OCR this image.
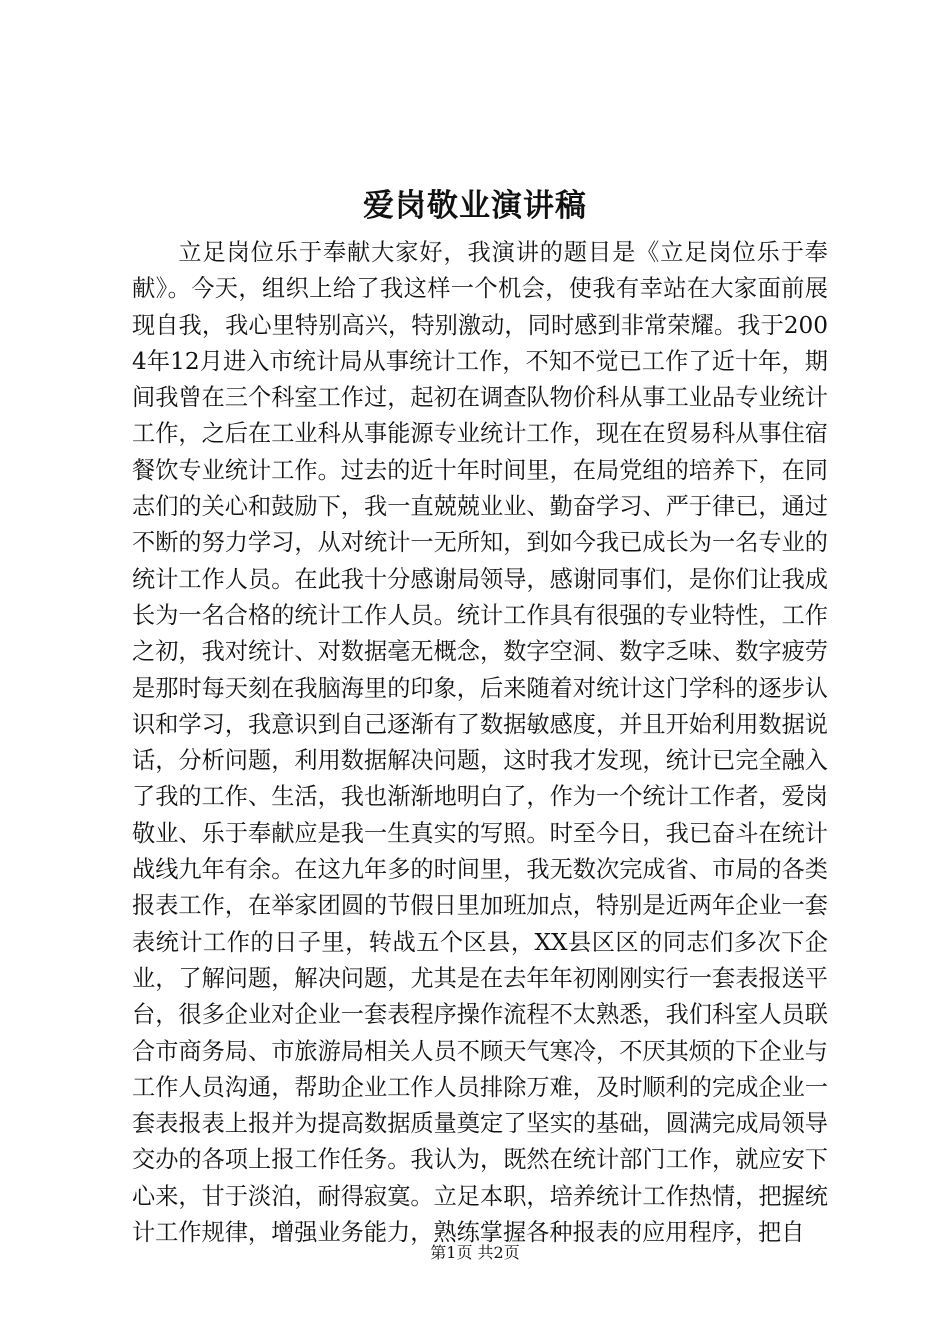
爱岗敬业演讲稿

立足岗位乐于奉献大家好，我演讲的题目是《立足岗位乐于奉献》。今天，组织上给了我这样一个机会，使我有幸站在大家面前展现自我，我心里特别高兴，特别激动，同时感到非常荣耀。我于2004年12月进入市统计局从事统计工作，不知不觉已工作了近十年，期间我曾在三个科室工作过，起初在调查队物价科从事工业品专业统计工作，之后在工业科从事能源专业统计工作，现在在贸易科从事住宿餐饮专业统计工作。过去的近十年时间里，在局党组的培养下，在同志们的关心和鼓励下，我一直兢兢业业、勤奋学习、严于律已，通过不断的努力学习，从对统计一无所知，到如今我已成长为一名专业的统计工作人员。在此我十分感谢局领导，感谢同事们，是你们让我成长为一名合格的统计工作人员。统计工作具有很强的专业特性，工作之初，我对统计、对数据毫无概念，数字空洞、数字乏味、数字疲劳是那时每天刻在我脑海里的印象，后来随着对统计这门学科的逐步认识和学习，我意识到自己逐渐有了数据敏感度，并且开始利用数据说话，分析问题，利用数据解决问题，这时我才发现，统计已完全融入了我的工作、生活，我也渐渐地明白了，作为一个统计工作者，爱岗敬业、乐于奉献应是我一生真实的写照。时至今日，我已奋斗在统计战线九年有余。在这九年多的时间里，我无数次完成省、市局的各类报表工作，在举家团圆的节假日里加班加点，特别是近两年企业一套表统计工作的日子里，转战五个区县，XX县区区的同志们多次下企业，了解问题，解决问题，尤其是在去年年初刚刚实行一套表报送平台，很多企业对企业一套表程序操作流程不太熟悉，我们科室人员联合市商务局、市旅游局相关人员不顾天气寒冷，不厌其烦的下企业与工作人员沟通，帮助企业工作人员排除万难，及时顺利的完成企业一套表报表上报并为提高数据质量奠定了坚实的基础，圆满完成局领导交办的各项上报工作任务。我认为，既然在统计部门工作，就应安下心来，甘于淡泊，耐得寂寞。立足本职，培养统计工作热情，把握统计工作规律，增强业务能力，熟练掌握各种报表的应用程序，把自

第1页 共2页
